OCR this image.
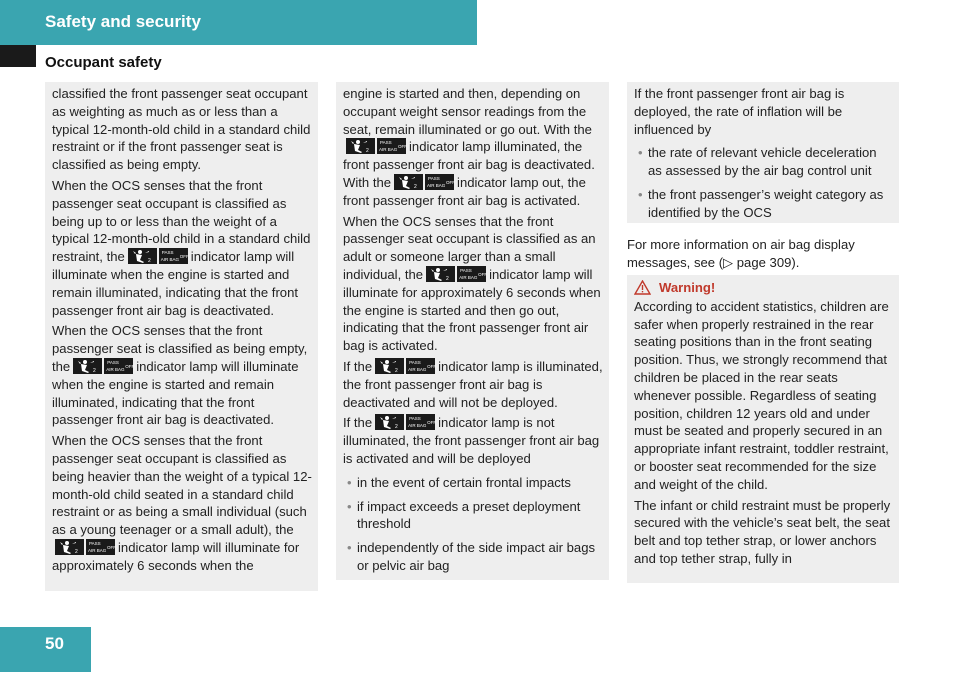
Safety and security
Occupant safety

classified the front passenger seat occupant as weighting as much as or less than a typical 12-month-old child in a standard child restraint or if the front passenger seat is classified as being empty.

When the OCS senses that the front passenger seat occupant is classified as being up to or less than the weight of a typical 12-month-old child in a standard child restraint, the	2
PASS
AIR BAG
OFF indicator lamp will illuminate when the engine is started and remain illuminated, indicating that the front passenger front air bag is deactivated.

When the OCS senses that the front passenger seat is classified as being empty, the	2
PASS
AIR BAG
OFF indicator lamp will illuminate when the engine is started and remain illuminated, indicating that the front passenger front air bag is deactivated.

When the OCS senses that the front passenger seat occupant is classified as being heavier than the weight of a typical 12-month-old child seated in a standard child restraint or as being a small individual (such as a young teenager or a small adult), the
2
PASS
AIR BAG
OFF indicator lamp will illuminate for approximately 6 seconds when the

engine is started and then, depending on occupant weight sensor readings from the seat, remain illuminated or go out. With the
2
PASS
AIR BAG
OFF indicator lamp illuminated, the front passenger front air bag is deactivated. With the	2
PASS
AIR BAG
OFF indicator lamp out, the front passenger front air bag is activated.

When the OCS senses that the front passenger seat occupant is classified as an adult or someone larger than a small individual, the	2
PASS
AIR BAG
OFF indicator lamp will illuminate for approximately 6 seconds when the engine is started and then go out, indicating that the front passenger front air bag is activated.

If the	2
PASS
AIR BAG
OFF indicator lamp is illuminated, the front passenger front air bag is deactivated and will not be deployed.

If the	2
PASS
AIR BAG
OFF indicator lamp is not illuminated, the front passenger front air bag is activated and will be deployed

• in the event of certain frontal impacts
• if impact exceeds a preset deployment threshold
• independently of the side impact air bags or pelvic air bag

If the front passenger front air bag is deployed, the rate of inflation will be influenced by

• the rate of relevant vehicle deceleration as assessed by the air bag control unit
• the front passenger’s weight category as identified by the OCS
For more information on air bag display messages, see (▷ page 309).
Warning!

According to accident statistics, children are safer when properly restrained in the rear seating positions than in the front seating position. Thus, we strongly recommend that children be placed in the rear seats whenever possible. Regardless of seating position, children 12 years old and under must be seated and properly secured in an appropriate infant restraint, toddler restraint, or booster seat recommended for the size and weight of the child.

The infant or child restraint must be properly secured with the vehicle’s seat belt, the seat belt and top tether strap, or lower anchors and top tether strap, fully in

50
